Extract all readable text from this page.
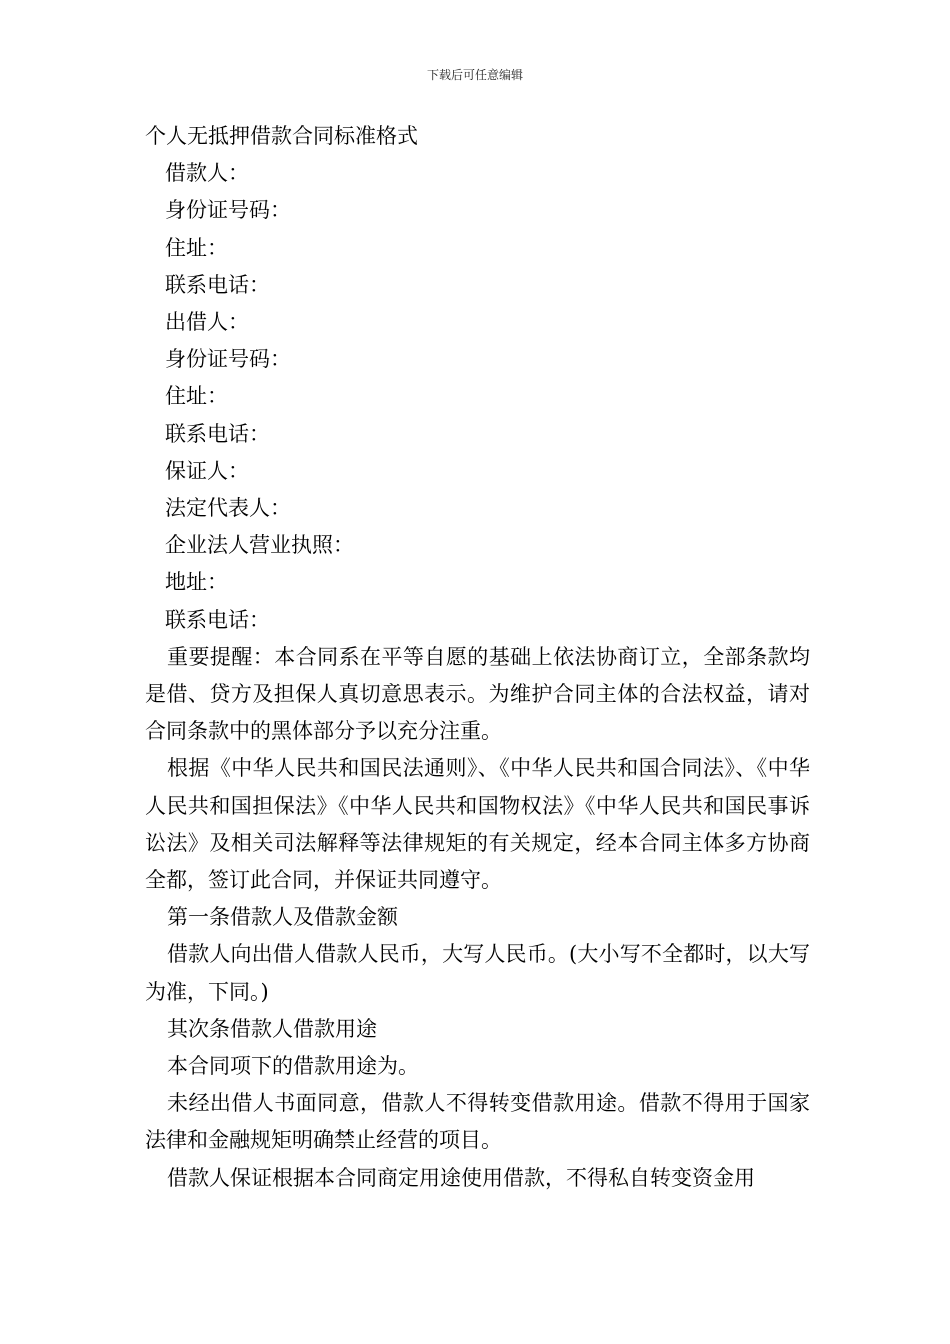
下载后可任意编辑

个人无抵押借款合同标准格式

借款人：

身份证号码：

住址：

联系电话：

出借人：

身份证号码：

住址：

联系电话：

保证人：

法定代表人：

企业法人营业执照：

地址：

联系电话：

重要提醒：本合同系在平等自愿的基础上依法协商订立，全部条款均是借、贷方及担保人真切意思表示。为维护合同主体的合法权益，请对合同条款中的黑体部分予以充分注重。

根据《中华人民共和国民法通则》、《中华人民共和国合同法》、《中华人民共和国担保法》《中华人民共和国物权法》《中华人民共和国民事诉讼法》及相关司法解释等法律规矩的有关规定，经本合同主体多方协商全都，签订此合同，并保证共同遵守。

第一条借款人及借款金额

借款人向出借人借款人民币，大写人民币。(大小写不全都时，以大写为准，下同。)

其次条借款人借款用途

本合同项下的借款用途为。

未经出借人书面同意，借款人不得转变借款用途。借款不得用于国家法律和金融规矩明确禁止经营的项目。

借款人保证根据本合同商定用途使用借款，不得私自转变资金用
